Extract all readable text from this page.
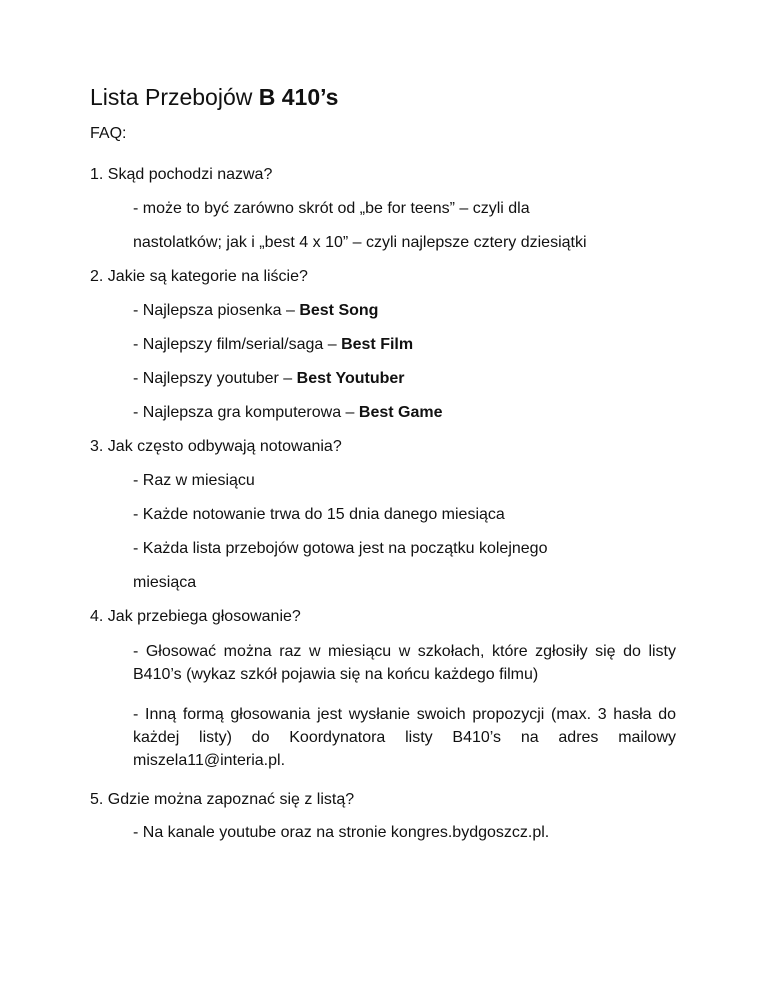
Lista Przebojów B 410’s
FAQ:
1. Skąd pochodzi nazwa?
- może to być zarówno skrót od „be for teens” – czyli dla
nastolatków; jak i „best 4 x 10” – czyli najlepsze cztery dziesiątki
2. Jakie są kategorie na liście?
- Najlepsza piosenka – Best Song
- Najlepszy film/serial/saga – Best Film
- Najlepszy youtuber – Best Youtuber
- Najlepsza gra komputerowa – Best Game
3. Jak często odbywają notowania?
- Raz w miesiącu
- Każde notowanie trwa do 15 dnia danego miesiąca
- Każda lista przebojów gotowa jest na początku kolejnego
miesiąca
4. Jak przebiega głosowanie?
- Głosować można raz w miesiącu w szkołach, które zgłosiły się do listy B410’s (wykaz szkół pojawia się na końcu każdego filmu)
- Inną formą głosowania jest wysłanie swoich propozycji (max. 3 hasła do każdej listy) do Koordynatora listy B410’s na adres mailowy miszela11@interia.pl.
5. Gdzie można zapoznać się z listą?
- Na kanale youtube oraz na stronie kongres.bydgoszcz.pl.
